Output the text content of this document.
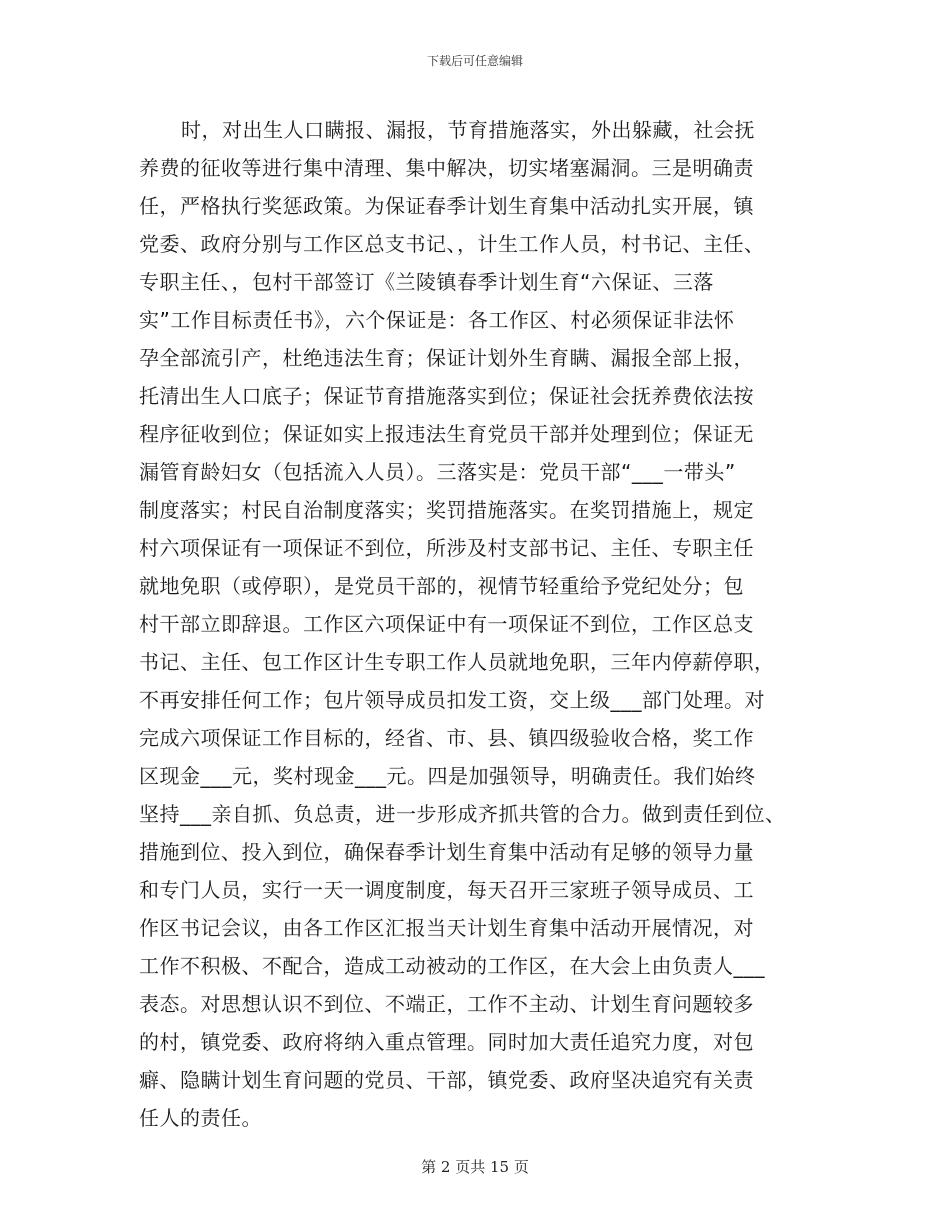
下载后可任意编辑
时，对出生人口瞒报、漏报，节育措施落实，外出躲藏，社会抚
养费的征收等进行集中清理、集中解决，切实堵塞漏洞。三是明确责
任，严格执行奖惩政策。为保证春季计划生育集中活动扎实开展，镇
党委、政府分别与工作区总支书记、，计生工作人员，村书记、主任、
专职主任、，包村干部签订《兰陵镇春季计划生育“六保证、三落
实”工作目标责任书》，六个保证是：各工作区、村必须保证非法怀
孕全部流引产，杜绝违法生育；保证计划外生育瞒、漏报全部上报，
托清出生人口底子；保证节育措施落实到位；保证社会抚养费依法按
程序征收到位；保证如实上报违法生育党员干部并处理到位；保证无
漏管育龄妇女（包括流入人员）。三落实是：党员干部“___一带头”
制度落实；村民自治制度落实；奖罚措施落实。在奖罚措施上，规定
村六项保证有一项保证不到位，所涉及村支部书记、主任、专职主任
就地免职（或停职），是党员干部的，视情节轻重给予党纪处分；包
村干部立即辞退。工作区六项保证中有一项保证不到位，工作区总支
书记、主任、包工作区计生专职工作人员就地免职，三年内停薪停职，
不再安排任何工作；包片领导成员扣发工资，交上级___部门处理。对
完成六项保证工作目标的，经省、市、县、镇四级验收合格，奖工作
区现金___元，奖村现金___元。四是加强领导，明确责任。我们始终
坚持___亲自抓、负总责，进一步形成齐抓共管的合力。做到责任到位、
措施到位、投入到位，确保春季计划生育集中活动有足够的领导力量
和专门人员，实行一天一调度制度，每天召开三家班子领导成员、工
作区书记会议，由各工作区汇报当天计划生育集中活动开展情况，对
工作不积极、不配合，造成工动被动的工作区，在大会上由负责人___
表态。对思想认识不到位、不端正，工作不主动、计划生育问题较多
的村，镇党委、政府将纳入重点管理。同时加大责任追究力度，对包
癖、隐瞒计划生育问题的党员、干部，镇党委、政府坚决追究有关责
任人的责任。
第 2 页共 15 页
